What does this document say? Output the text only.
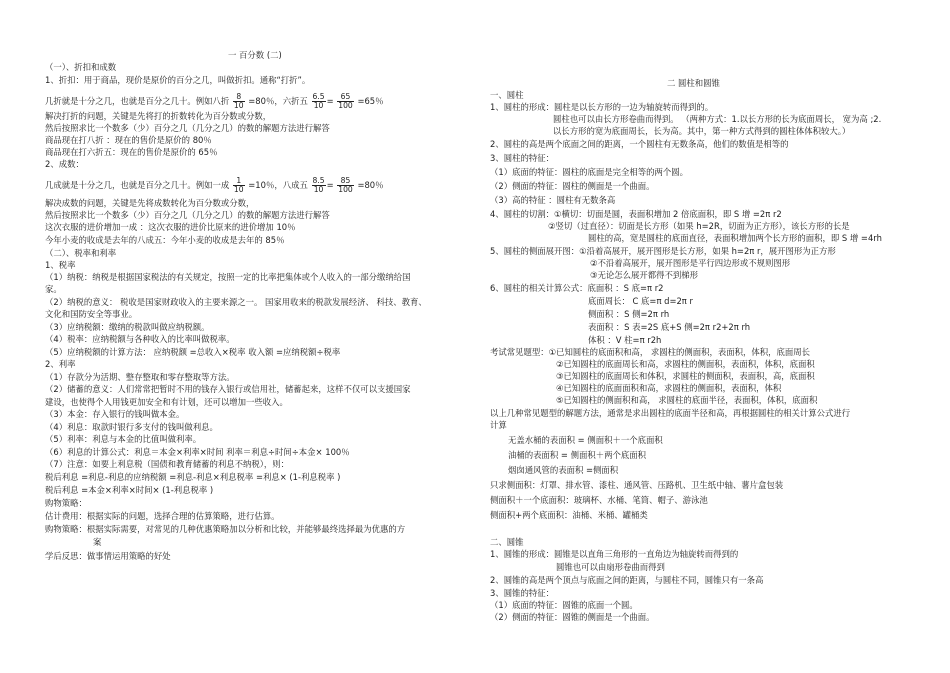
一 百分数 (二)
（一）、折扣和成数
1、折扣：用于商品，现价是原价的百分之几，叫做折扣。通称“打折”。
几折就是十分之几，也就是百分之几十。例如八折 $\frac{8}{10} =80$％，六折五 $\frac{6.5}{10} = \frac{65}{100} =65$％
解决打折的问题，关键是先将打的折数转化为百分数或分数，
然后按照求比一个数多（少）百分之几（几分之几）的数的解题方法进行解答
商品现在打八折 ：现在的售价是原价的 80％
商品现在打六折五：现在的售价是原价的 65％
2、成数：
几成就是十分之几，也就是百分之几十。例如一成 $\frac{1}{10} =10$％，八成五 $\frac{8.5}{10} = \frac{85}{100} =80$％
解决成数的问题，关键是先将成数转化为百分数或分数，
然后按照求比一个数多（少）百分之几（几分之几）的数的解题方法进行解答
这次衣服的进价增加一成 ：这次衣服的进价比原来的进价增加 10％
今年小麦的收成是去年的八成五：今年小麦的收成是去年的 85％
（二）、税率和利率
1、税率
（1）纳税：纳税是根据国家税法的有关规定，按照一定的比率把集体或个人收入的一部分缴纳给国
家。
（2）纳税的意义： 税收是国家财政收入的主要来源之一。 国家用收来的税款发展经济、 科技、教育、
文化和国防安全等事业。
（3）应纳税额：缴纳的税款叫做应纳税额。
（4）税率：应纳税额与各种收入的比率叫做税率。
（5）应纳税额的计算方法： 应纳税额 =总收入×税率 收入额 =应纳税额÷税率
2、利率
（1）存款分为活期、整存整取和零存整取等方法。
（2）储蓄的意义：人们常常把暂时不用的钱存入银行或信用社，储蓄起来，这样不仅可以支援国家
建设，也使得个人用钱更加安全和有计划，还可以增加一些收入。
（3）本金：存入银行的钱叫做本金。
（4）利息：取款时银行多支付的钱叫做利息。
（5）利率：利息与本金的比值叫做利率。
（6）利息的计算公式：利息＝本金×利率×时间 利率＝利息÷时间÷本金× 100％
（7）注意：如要上利息税（国债和教育储蓄的利息不纳税），则：
税后利息 =利息-利息的应纳税额 =利息-利息×利息税率 =利息× (1-利息税率 )
税后利息 =本金×利率×时间× (1-利息税率 )
购物策略：
估计费用：根据实际的问题，选择合理的估算策略，进行估算。
购物策略：根据实际需要，对常见的几种优惠策略加以分析和比较，并能够最终选择最为优惠的方
案
学后反思：做事情运用策略的好处
二 圆柱和圆锥
一、圆柱
1、圆柱的形成：圆柱是以长方形的一边为轴旋转而得到的。
圆柱也可以由长方形卷曲而得到。 （两种方式：1.以长方形的长为底面周长， 宽为高 ;2.
以长方形的宽为底面周长，长为高。其中，第一种方式得到的圆柱体体积较大。）
2、圆柱的高是两个底面之间的距离，一个圆柱有无数条高，他们的数值是相等的
3、圆柱的特征：
（1）底面的特征：圆柱的底面是完全相等的两个圆。
（2）侧面的特征：圆柱的侧面是一个曲面。
（3）高的特征 ：圆柱有无数条高
4、圆柱的切割：①横切：切面是圆，表面积增加 2 倍底面积，即 S 增 =2π r2
②竖切（过直径）：切面是长方形（如果 h=2R，切面为正方形），该长方形的长是
圆柱的高，宽是圆柱的底面直径，表面积增加两个长方形的面积，即 S 增 =4rh
5、圆柱的侧面展开图：①沿着高展开，展开图形是长方形，如果 h=2π r，展开图形为正方形
②不沿着高展开，展开图形是平行四边形或不规则图形
③无论怎么展开都得不到梯形
6、圆柱的相关计算公式：底面积 ：S 底=π r2
底面周长： C 底=π d=2π r
侧面积 ：S 侧=2π rh
表面积 ：S 表=2S 底+S 侧=2π r2+2π rh
体积 ：V 柱=π r2h
考试常见题型：①已知圆柱的底面积和高， 求圆柱的侧面积，表面积，体积，底面周长
②已知圆柱的底面周长和高，求圆柱的侧面积，表面积，体积，底面积
③已知圆柱的底面周长和体积，求圆柱的侧面积，表面积，高，底面积
④已知圆柱的底面面积和高，求圆柱的侧面积，表面积，体积
⑤已知圆柱的侧面积和高， 求圆柱的底面半径，表面积，体积，底面积
以上几种常见题型的解题方法，通常是求出圆柱的底面半径和高，再根据圆柱的相关计算公式进行
计算
无盖水桶的表面积 = 侧面积＋一个底面积
油桶的表面积 = 侧面积＋两个底面积
烟囱通风管的表面积 =侧面积
只求侧面积：灯罩、排水管、漆柱、通风管、压路机、卫生纸中轴、薯片盒包装
侧面积＋一个底面积：玻璃杯、水桶、笔筒、帽子、游泳池
侧面积+两个底面积：油桶、米桶、罐桶类
二、圆锥
1、圆锥的形成：圆锥是以直角三角形的一直角边为轴旋转而得到的
圆锥也可以由扇形卷曲而得到
2、圆锥的高是两个顶点与底面之间的距离，与圆柱不同，圆锥只有一条高
3、圆锥的特征：
（1）底面的特征：圆锥的底面一个圆。
（2）侧面的特征：圆锥的侧面是一个曲面。
